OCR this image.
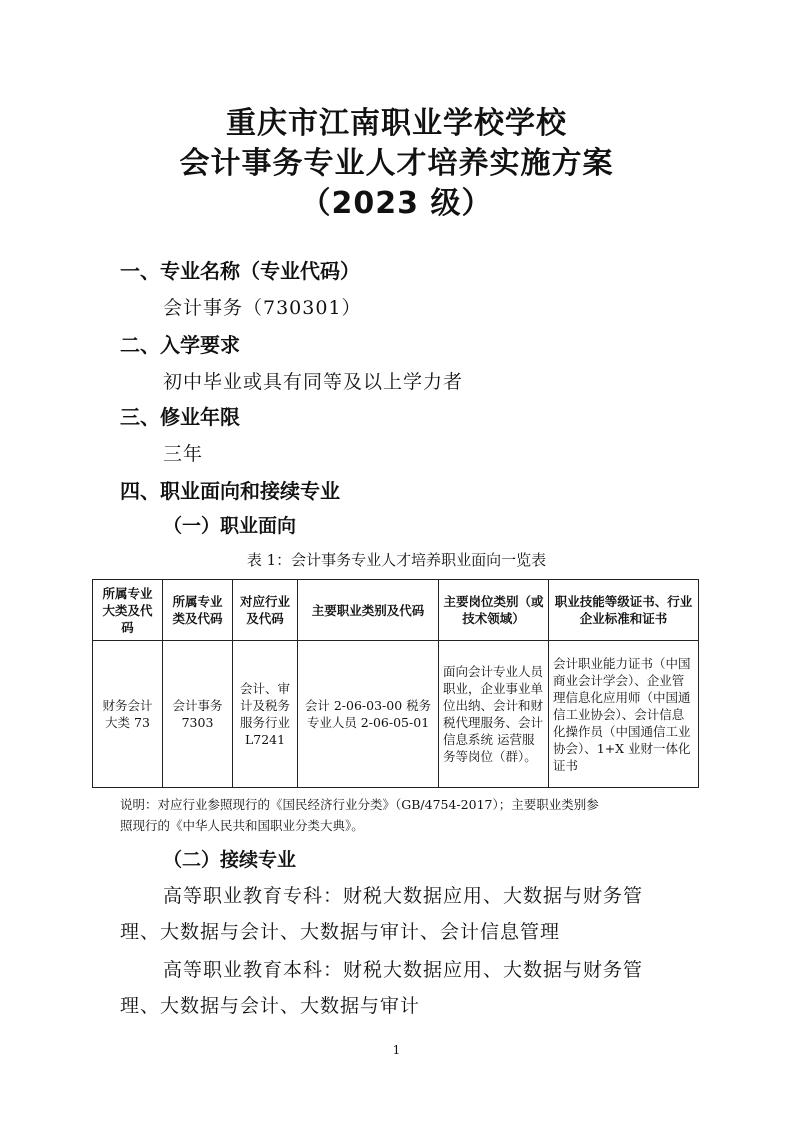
重庆市江南职业学校学校
会计事务专业人才培养实施方案
（2023 级）
一、专业名称（专业代码）
会计事务（730301）
二、入学要求
初中毕业或具有同等及以上学力者
三、修业年限
三年
四、职业面向和接续专业
（一）职业面向
表 1：会计事务专业人才培养职业面向一览表
所属专业大类及代码	所属专业类及代码	对应行业及代码	主要职业类别及代码	主要岗位类别（或技术领域）	职业技能等级证书、行业企业标准和证书
财务会计大类 73	会计事务 7303	会计、审计及税务服务行业 L7241	会计 2-06-03-00 税务专业人员 2-06-05-01	面向会计专业人员职业，企业事业单位出纳、会计和财税代理服务、会计信息系统 运营服务等岗位（群）。	会计职业能力证书（中国商业会计学会）、企业管理信息化应用师（中国通信工业协会）、会计信息化操作员（中国通信工业协会）、1+X 业财一体化证书
说明：对应行业参照现行的《国民经济行业分类》（GB/4754-2017）；主要职业类别参
照现行的《中华人民共和国职业分类大典》。
（二）接续专业
高等职业教育专科：财税大数据应用、大数据与财务管
理、大数据与会计、大数据与审计、会计信息管理
高等职业教育本科：财税大数据应用、大数据与财务管
理、大数据与会计、大数据与审计
1
